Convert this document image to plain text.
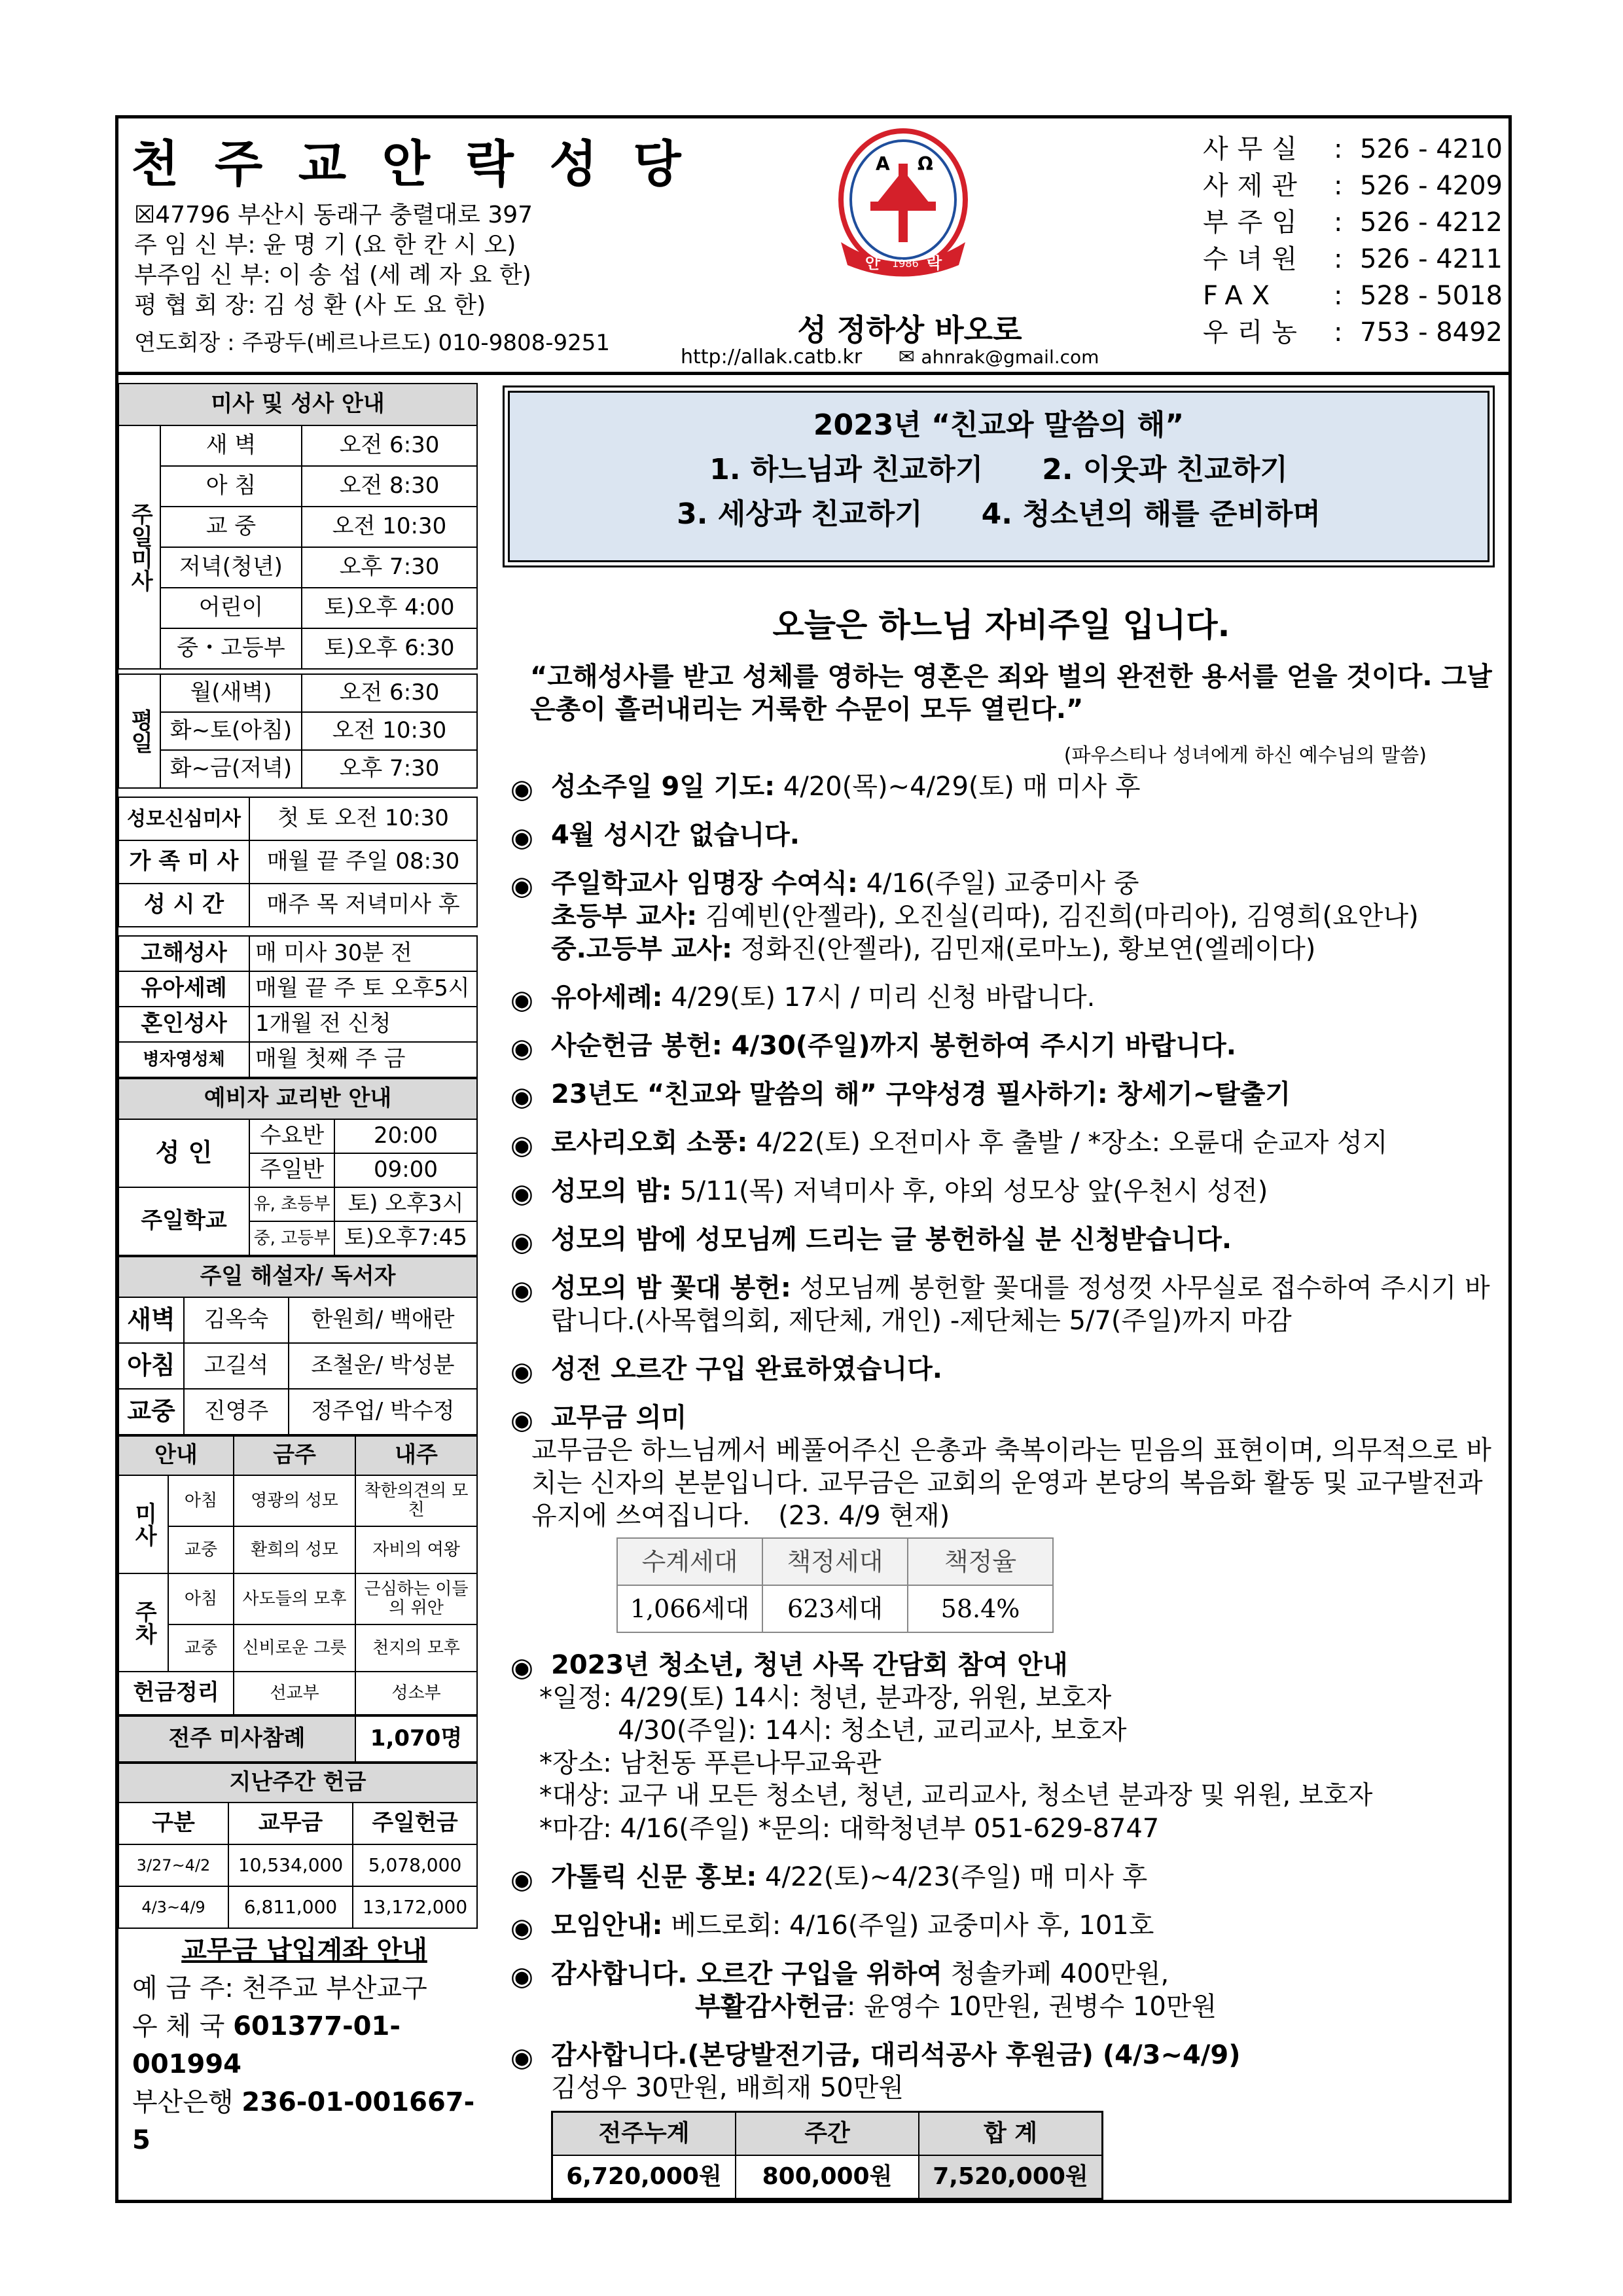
천 주 교 안 락 성 당
☒47796 부산시 동래구 충렬대로 397
주 임 신 부: 윤 명 기 (요 한 칸 시 오)
부주임 신 부: 이 송 섭 (세 례 자 요 한)
평 협 회 장: 김 성 환 (사 도 요 한)
연도회장 : 주광두(베르나르도) 010-9808-9251
Α Ω
안 1986 락
성 정하상 바오로
http://allak.catb.kr ✉ ahnrak@gmail.com
사무실	: 526 - 4210
사제관	: 526 - 4209
부주임	: 526 - 4212
수녀원	: 526 - 4211
FAX	: 528 - 5018
우리농	: 753 - 8492
미사 및 성사 안내		
주일미사	새 벽	오전 6:30
	아 침	오전 8:30
	교 중	오전 10:30
	저녁(청년)	오후 7:30
	어린이	토)오후 4:00
	중・고등부	토)오후 6:30

평일	월(새벽)	오전 6:30
	화~토(아침)	오전 10:30
	화~금(저녁)	오후 7:30
성모신심미사	첫 토 오전 10:30
가 족 미 사	매월 끝 주일 08:30
성 시 간	매주 목 저녁미사 후
고해성사	매 미사 30분 전
유아세례	매월 끝 주 토 오후5시
혼인성사	1개월 전 신청
병자영성체	매월 첫째 주 금
예비자 교리반 안내		
성 인	수요반	20:00
	주일반	09:00
주일학교	유, 초등부	토) 오후3시
	중, 고등부	토)오후7:45
주일 해설자/ 독서자		
새벽	김옥숙	한원희/ 백애란
아침	고길석	조철운/ 박성분
교중	진영주	정주업/ 박수정
안내		금주	내주
미사	아침	영광의 성모	착한의견의 모친
	교중	환희의 성모	자비의 여왕
주차	아침	사도들의 모후	근심하는 이들의 위안
	교중	신비로운 그릇	천지의 모후
헌금정리		선교부	성소부
전주 미사참례	1,070명
지난주간 헌금		
구분	교무금	주일헌금
3/27~4/2	10,534,000	5,078,000
4/3~4/9	6,811,000	13,172,000
교무금 납입계좌 안내
예 금 주: 천주교 부산교구
우 체 국 601377-01-001994
부산은행 236-01-001667-5
2023년 “친교와 말씀의 해”
1. 하느님과 친교하기 2. 이웃과 친교하기
3. 세상과 친교하기 4. 청소년의 해를 준비하며
오늘은 하느님 자비주일 입니다.
“고해성사를 받고 성체를 영하는 영혼은 죄와 벌의 완전한 용서를 얻을 것이다. 그날 은총이 흘러내리는 거룩한 수문이 모두 열린다.”
(파우스티나 성녀에게 하신 예수님의 말씀)
◉ 성소주일 9일 기도: 4/20(목)~4/29(토) 매 미사 후
◉ 4월 성시간 없습니다.
◉ 주일학교사 임명장 수여식: 4/16(주일) 교중미사 중
초등부 교사: 김예빈(안젤라), 오진실(리따), 김진희(마리아), 김영희(요안나)
중.고등부 교사: 정화진(안젤라), 김민재(로마노), 황보연(엘레이다)
◉ 유아세례: 4/29(토) 17시 / 미리 신청 바랍니다.
◉ 사순헌금 봉헌: 4/30(주일)까지 봉헌하여 주시기 바랍니다.
◉ 23년도 “친교와 말씀의 해” 구약성경 필사하기: 창세기~탈출기
◉ 로사리오회 소풍: 4/22(토) 오전미사 후 출발 / *장소: 오륜대 순교자 성지
◉ 성모의 밤: 5/11(목) 저녁미사 후, 야외 성모상 앞(우천시 성전)
◉ 성모의 밤에 성모님께 드리는 글 봉헌하실 분 신청받습니다.
◉ 성모의 밤 꽃대 봉헌: 성모님께 봉헌할 꽃대를 정성껏 사무실로 접수하여 주시기 바랍니다.(사목협의회, 제단체, 개인) -제단체는 5/7(주일)까지 마감
◉ 성전 오르간 구입 완료하였습니다.
◉ 교무금 의미
교무금은 하느님께서 베풀어주신 은총과 축복이라는 믿음의 표현이며, 의무적으로 바치는 신자의 본분입니다. 교무금은 교회의 운영과 본당의 복음화 활동 및 교구발전과 유지에 쓰여집니다. (23. 4/9 현재)
수계세대	책정세대	책정율
1,066세대	623세대	58.4%
◉ 2023년 청소년, 청년 사목 간담회 참여 안내
*일정: 4/29(토) 14시: 청년, 분과장, 위원, 보호자
4/30(주일): 14시: 청소년, 교리교사, 보호자
*장소: 남천동 푸른나무교육관
*대상: 교구 내 모든 청소년, 청년, 교리교사, 청소년 분과장 및 위원, 보호자
*마감: 4/16(주일) *문의: 대학청년부 051-629-8747
◉ 가톨릭 신문 홍보: 4/22(토)~4/23(주일) 매 미사 후
◉ 모임안내: 베드로회: 4/16(주일) 교중미사 후, 101호
◉ 감사합니다. 오르간 구입을 위하여 청솔카페 400만원,
부활감사헌금: 윤영수 10만원, 권병수 10만원
◉ 감사합니다.(본당발전기금, 대리석공사 후원금) (4/3~4/9)
김성우 30만원, 배희재 50만원
전주누계	주간	합 계
6,720,000원	800,000원	7,520,000원
